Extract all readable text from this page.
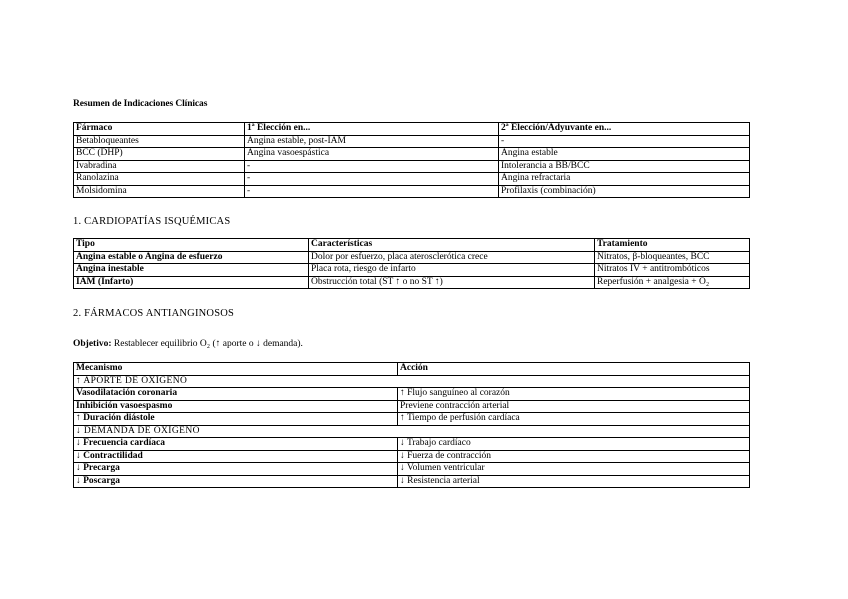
Resumen de Indicaciones Clínicas
Fármaco	1ª Elección en...	2ª Elección/Adyuvante en...
Betabloqueantes	Angina estable, post-IAM	-
BCC (DHP)	Angina vasoespástica	Angina estable
Ivabradina	-	Intolerancia a BB/BCC
Ranolazina	-	Angina refractaria
Molsidomina	-	Profilaxis (combinación)
1. CARDIOPATÍAS ISQUÉMICAS
Tipo	Características	Tratamiento
Angina estable o Angina de esfuerzo	Dolor por esfuerzo, placa aterosclerótica crece	Nitratos, β-bloqueantes, BCC
Angina inestable	Placa rota, riesgo de infarto	Nitratos IV + antitrombóticos
IAM (Infarto)	Obstrucción total (ST ↑ o no ST ↑)	Reperfusión + analgesia + O₂
2. FÁRMACOS ANTIANGINOSOS
Objetivo: Restablecer equilibrio O₂ (↑ aporte o ↓ demanda).
Mecanismo	Acción
↑ APORTE DE OXÍGENO	
Vasodilatación coronaria	↑ Flujo sanguíneo al corazón
Inhibición vasoespasmo	Previene contracción arterial
↑ Duración diástole	↑ Tiempo de perfusión cardíaca
↓ DEMANDA DE OXÍGENO	
↓ Frecuencia cardíaca	↓ Trabajo cardíaco
↓ Contractilidad	↓ Fuerza de contracción
↓ Precarga	↓ Volumen ventricular
↓ Poscarga	↓ Resistencia arterial
